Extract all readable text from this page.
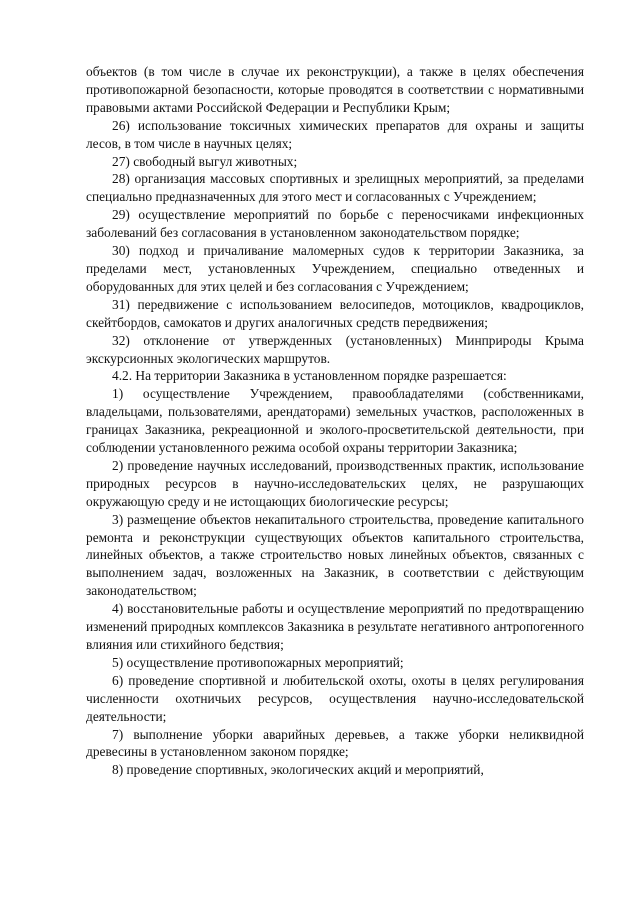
объектов (в том числе в случае их реконструкции), а также в целях обеспечения противопожарной безопасности, которые проводятся в соответствии с нормативными правовыми актами Российской Федерации и Республики Крым;

26) использование токсичных химических препаратов для охраны и защиты лесов, в том числе в научных целях;

27) свободный выгул животных;

28) организация массовых спортивных и зрелищных мероприятий, за пределами специально предназначенных для этого мест и согласованных с Учреждением;

29) осуществление мероприятий по борьбе с переносчиками инфекционных заболеваний без согласования в установленном законодательством порядке;

30) подход и причаливание маломерных судов к территории Заказника, за пределами мест, установленных Учреждением, специально отведенных и оборудованных для этих целей и без согласования с Учреждением;

31) передвижение с использованием велосипедов, мотоциклов, квадроциклов, скейтбордов, самокатов и других аналогичных средств передвижения;

32) отклонение от утвержденных (установленных) Минприроды Крыма экскурсионных экологических маршрутов.

4.2. На территории Заказника в установленном порядке разрешается:

1) осуществление Учреждением, правообладателями (собственниками, владельцами, пользователями, арендаторами) земельных участков, расположенных в границах Заказника, рекреационной и эколого-просветительской деятельности, при соблюдении установленного режима особой охраны территории Заказника;

2) проведение научных исследований, производственных практик, использование природных ресурсов в научно-исследовательских целях, не разрушающих окружающую среду и не истощающих биологические ресурсы;

3) размещение объектов некапитального строительства, проведение капитального ремонта и реконструкции существующих объектов капитального строительства, линейных объектов, а также строительство новых линейных объектов, связанных с выполнением задач, возложенных на Заказник, в соответствии с действующим законодательством;

4) восстановительные работы и осуществление мероприятий по предотвращению изменений природных комплексов Заказника в результате негативного антропогенного влияния или стихийного бедствия;

5) осуществление противопожарных мероприятий;

6) проведение спортивной и любительской охоты, охоты в целях регулирования численности охотничьих ресурсов, осуществления научно-исследовательской деятельности;

7) выполнение уборки аварийных деревьев, а также уборки неликвидной древесины в установленном законом порядке;

8) проведение спортивных, экологических акций и мероприятий,
